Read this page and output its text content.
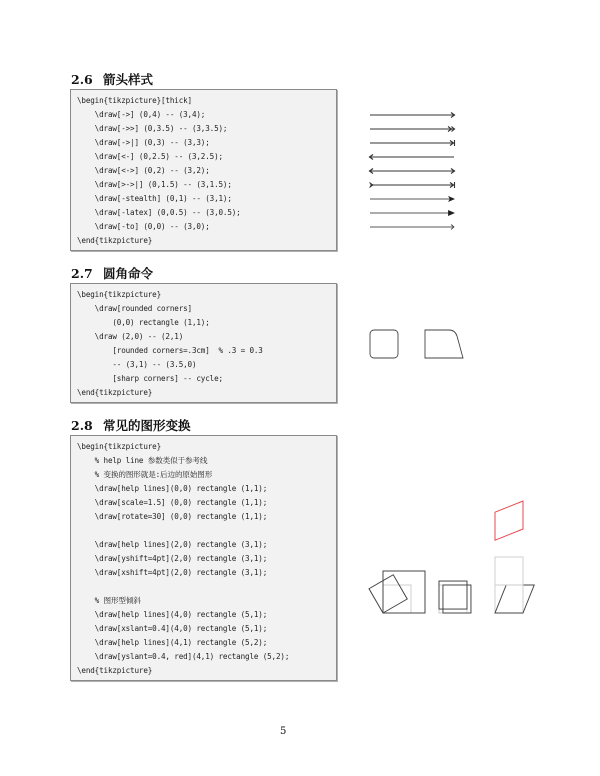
2.6 箭头样式
\begin{tikzpicture}[thick]
\draw[->] (0,4) -- (3,4);
\draw[->>] (0,3.5) -- (3,3.5);
\draw[->|] (0,3) -- (3,3);
\draw[<-] (0,2.5) -- (3,2.5);
\draw[<->] (0,2) -- (3,2);
\draw[>->|] (0,1.5) -- (3,1.5);
\draw[-stealth] (0,1) -- (3,1);
\draw[-latex] (0,0.5) -- (3,0.5);
\draw[-to] (0,0) -- (3,0);
\end{tikzpicture}
2.7 圆角命令
\begin{tikzpicture}
\draw[rounded corners]
(0,0) rectangle (1,1);
\draw (2,0) -- (2,1)
[rounded corners=.3cm]  % .3 = 0.3
-- (3,1) -- (3.5,0)
[sharp corners] -- cycle;
\end{tikzpicture}
2.8 常见的图形变换
\begin{tikzpicture}
% help line 参数类似于参考线
% 变换的图形就是:后边的原始图形
\draw[help lines](0,0) rectangle (1,1);
\draw[scale=1.5] (0,0) rectangle (1,1);
\draw[rotate=30] (0,0) rectangle (1,1);
\draw[help lines](2,0) rectangle (3,1);
\draw[yshift=4pt](2,0) rectangle (3,1);
\draw[xshift=4pt](2,0) rectangle (3,1);
% 图形型倾斜
\draw[help lines](4,0) rectangle (5,1);
\draw[xslant=0.4](4,0) rectangle (5,1);
\draw[help lines](4,1) rectangle (5,2);
\draw[yslant=0.4, red](4,1) rectangle (5,2);
\end{tikzpicture}
5
